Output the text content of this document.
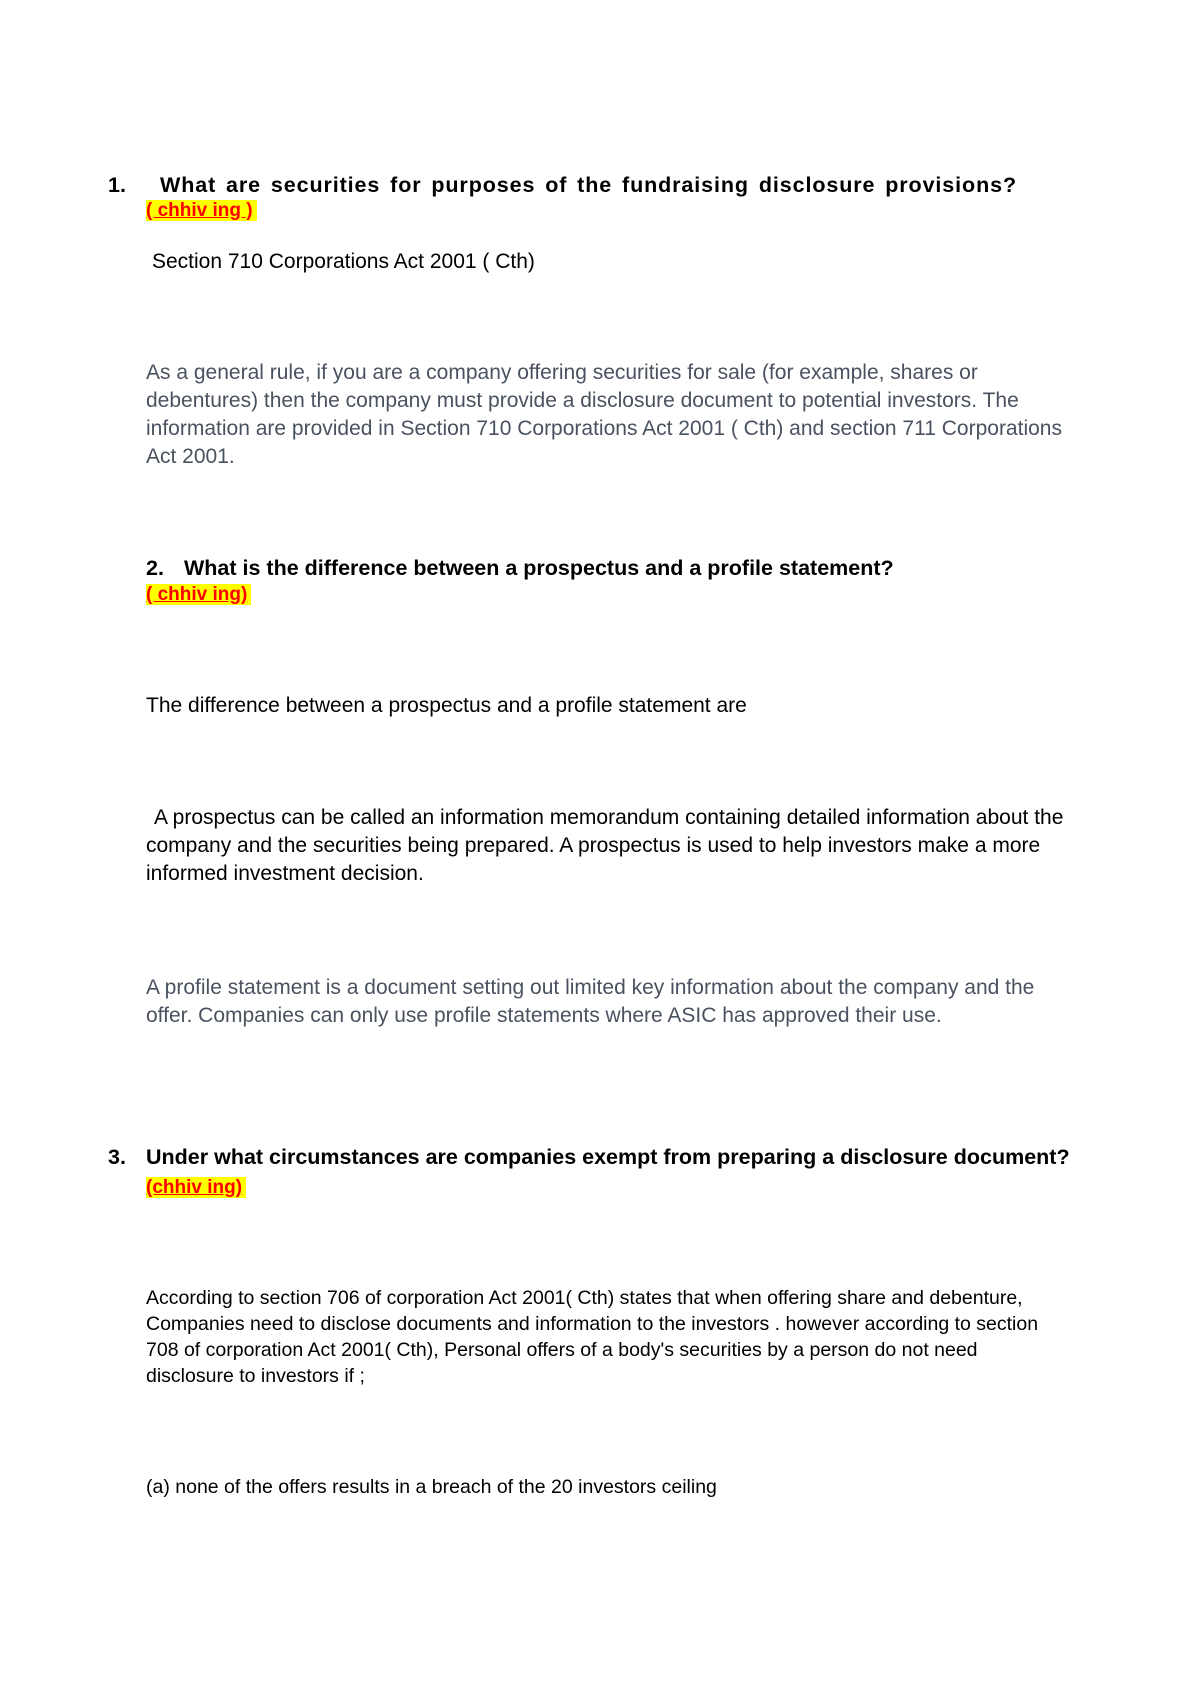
1. What are securities for purposes of the fundraising disclosure provisions?
( chhiv ing )

Section 710 Corporations Act 2001 ( Cth)

As a general rule, if you are a company offering securities for sale (for example, shares or debentures) then the company must provide a disclosure document to potential investors. The information are provided in Section 710 Corporations Act 2001 ( Cth) and section 711 Corporations Act 2001.

2. What is the difference between a prospectus and a profile statement?
( chhiv ing)

The difference between a prospectus and a profile statement are

A prospectus can be called an information memorandum containing detailed information about the company and the securities being prepared. A prospectus is used to help investors make a more informed investment decision.

A profile statement is a document setting out limited key information about the company and the offer. Companies can only use profile statements where ASIC has approved their use.

3. Under what circumstances are companies exempt from preparing a disclosure document? (chhiv ing)

According to section 706 of corporation Act 2001( Cth) states that when offering share and debenture, Companies need to disclose documents and information to the investors . however according to section 708 of corporation Act 2001( Cth), Personal offers of a body's securities by a person do not need disclosure to investors if ;

(a) none of the offers results in a breach of the 20 investors ceiling
